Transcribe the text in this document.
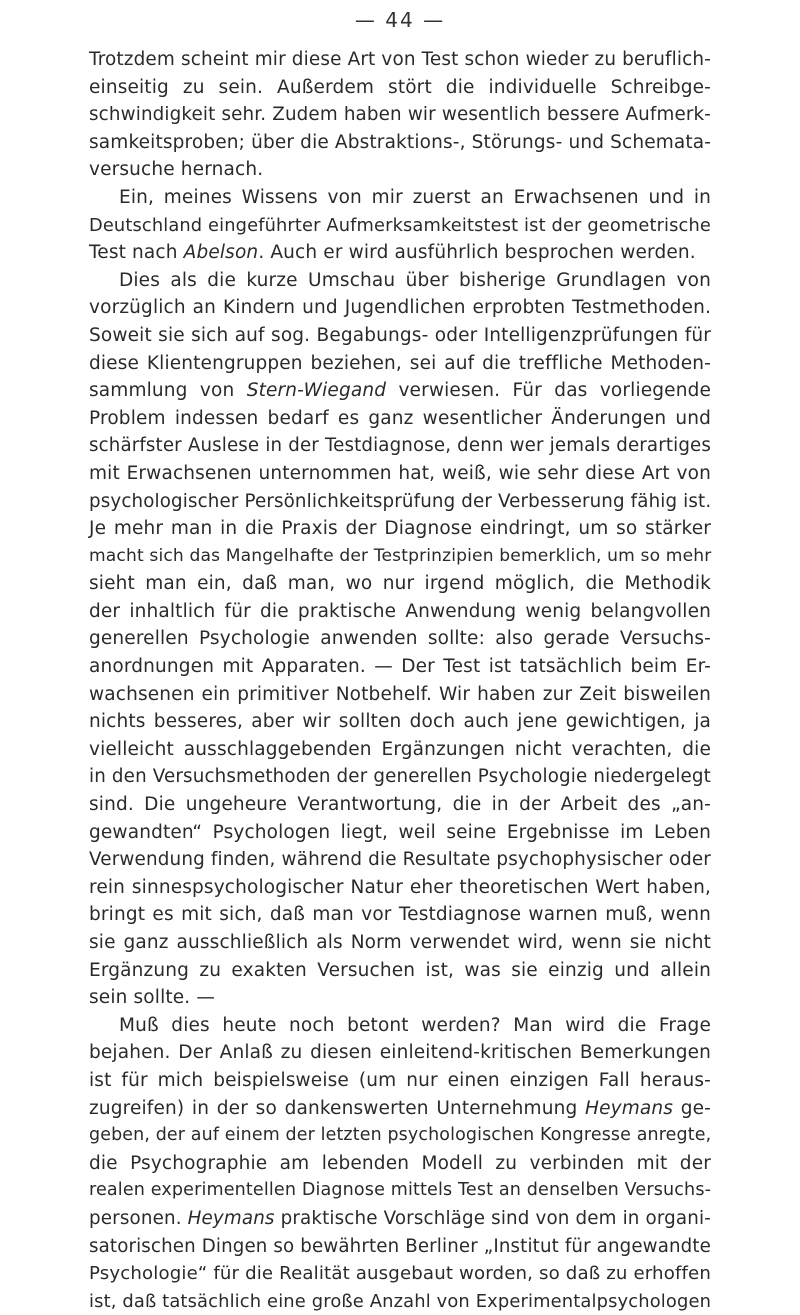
— 44 —
Trotzdem scheint mir diese Art von Test schon wieder zu beruflich-
einseitig zu sein. Außerdem stört die individuelle Schreibge-
schwindigkeit sehr. Zudem haben wir wesentlich bessere Aufmerk-
samkeitsproben; über die Abstraktions-, Störungs- und Schemata-
versuche hernach.
Ein, meines Wissens von mir zuerst an Erwachsenen und in
Deutschland eingeführter Aufmerksamkeitstest ist der geometrische
Test nach Abelson. Auch er wird ausführlich besprochen werden.
Dies als die kurze Umschau über bisherige Grundlagen von
vorzüglich an Kindern und Jugendlichen erprobten Testmethoden.
Soweit sie sich auf sog. Begabungs- oder Intelligenzprüfungen für
diese Klientengruppen beziehen, sei auf die treffliche Methoden-
sammlung von Stern-Wiegand verwiesen. Für das vorliegende
Problem indessen bedarf es ganz wesentlicher Änderungen und
schärfster Auslese in der Testdiagnose, denn wer jemals derartiges
mit Erwachsenen unternommen hat, weiß, wie sehr diese Art von
psychologischer Persönlichkeitsprüfung der Verbesserung fähig ist.
Je mehr man in die Praxis der Diagnose eindringt, um so stärker
macht sich das Mangelhafte der Testprinzipien bemerklich, um so mehr
sieht man ein, daß man, wo nur irgend möglich, die Methodik
der inhaltlich für die praktische Anwendung wenig belangvollen
generellen Psychologie anwenden sollte: also gerade Versuchs-
anordnungen mit Apparaten. — Der Test ist tatsächlich beim Er-
wachsenen ein primitiver Notbehelf. Wir haben zur Zeit bisweilen
nichts besseres, aber wir sollten doch auch jene gewichtigen, ja
vielleicht ausschlaggebenden Ergänzungen nicht verachten, die
in den Versuchsmethoden der generellen Psychologie niedergelegt
sind. Die ungeheure Verantwortung, die in der Arbeit des „an-
gewandten“ Psychologen liegt, weil seine Ergebnisse im Leben
Verwendung finden, während die Resultate psychophysischer oder
rein sinnespsychologischer Natur eher theoretischen Wert haben,
bringt es mit sich, daß man vor Testdiagnose warnen muß, wenn
sie ganz ausschließlich als Norm verwendet wird, wenn sie nicht
Ergänzung zu exakten Versuchen ist, was sie einzig und allein
sein sollte. —
Muß dies heute noch betont werden? Man wird die Frage
bejahen. Der Anlaß zu diesen einleitend-kritischen Bemerkungen
ist für mich beispielsweise (um nur einen einzigen Fall heraus-
zugreifen) in der so dankenswerten Unternehmung Heymans ge-
geben, der auf einem der letzten psychologischen Kongresse anregte,
die Psychographie am lebenden Modell zu verbinden mit der
realen experimentellen Diagnose mittels Test an denselben Versuchs-
personen. Heymans praktische Vorschläge sind von dem in organi-
satorischen Dingen so bewährten Berliner „Institut für angewandte
Psychologie“ für die Realität ausgebaut worden, so daß zu erhoffen
ist, daß tatsächlich eine große Anzahl von Experimentalpsychologen
